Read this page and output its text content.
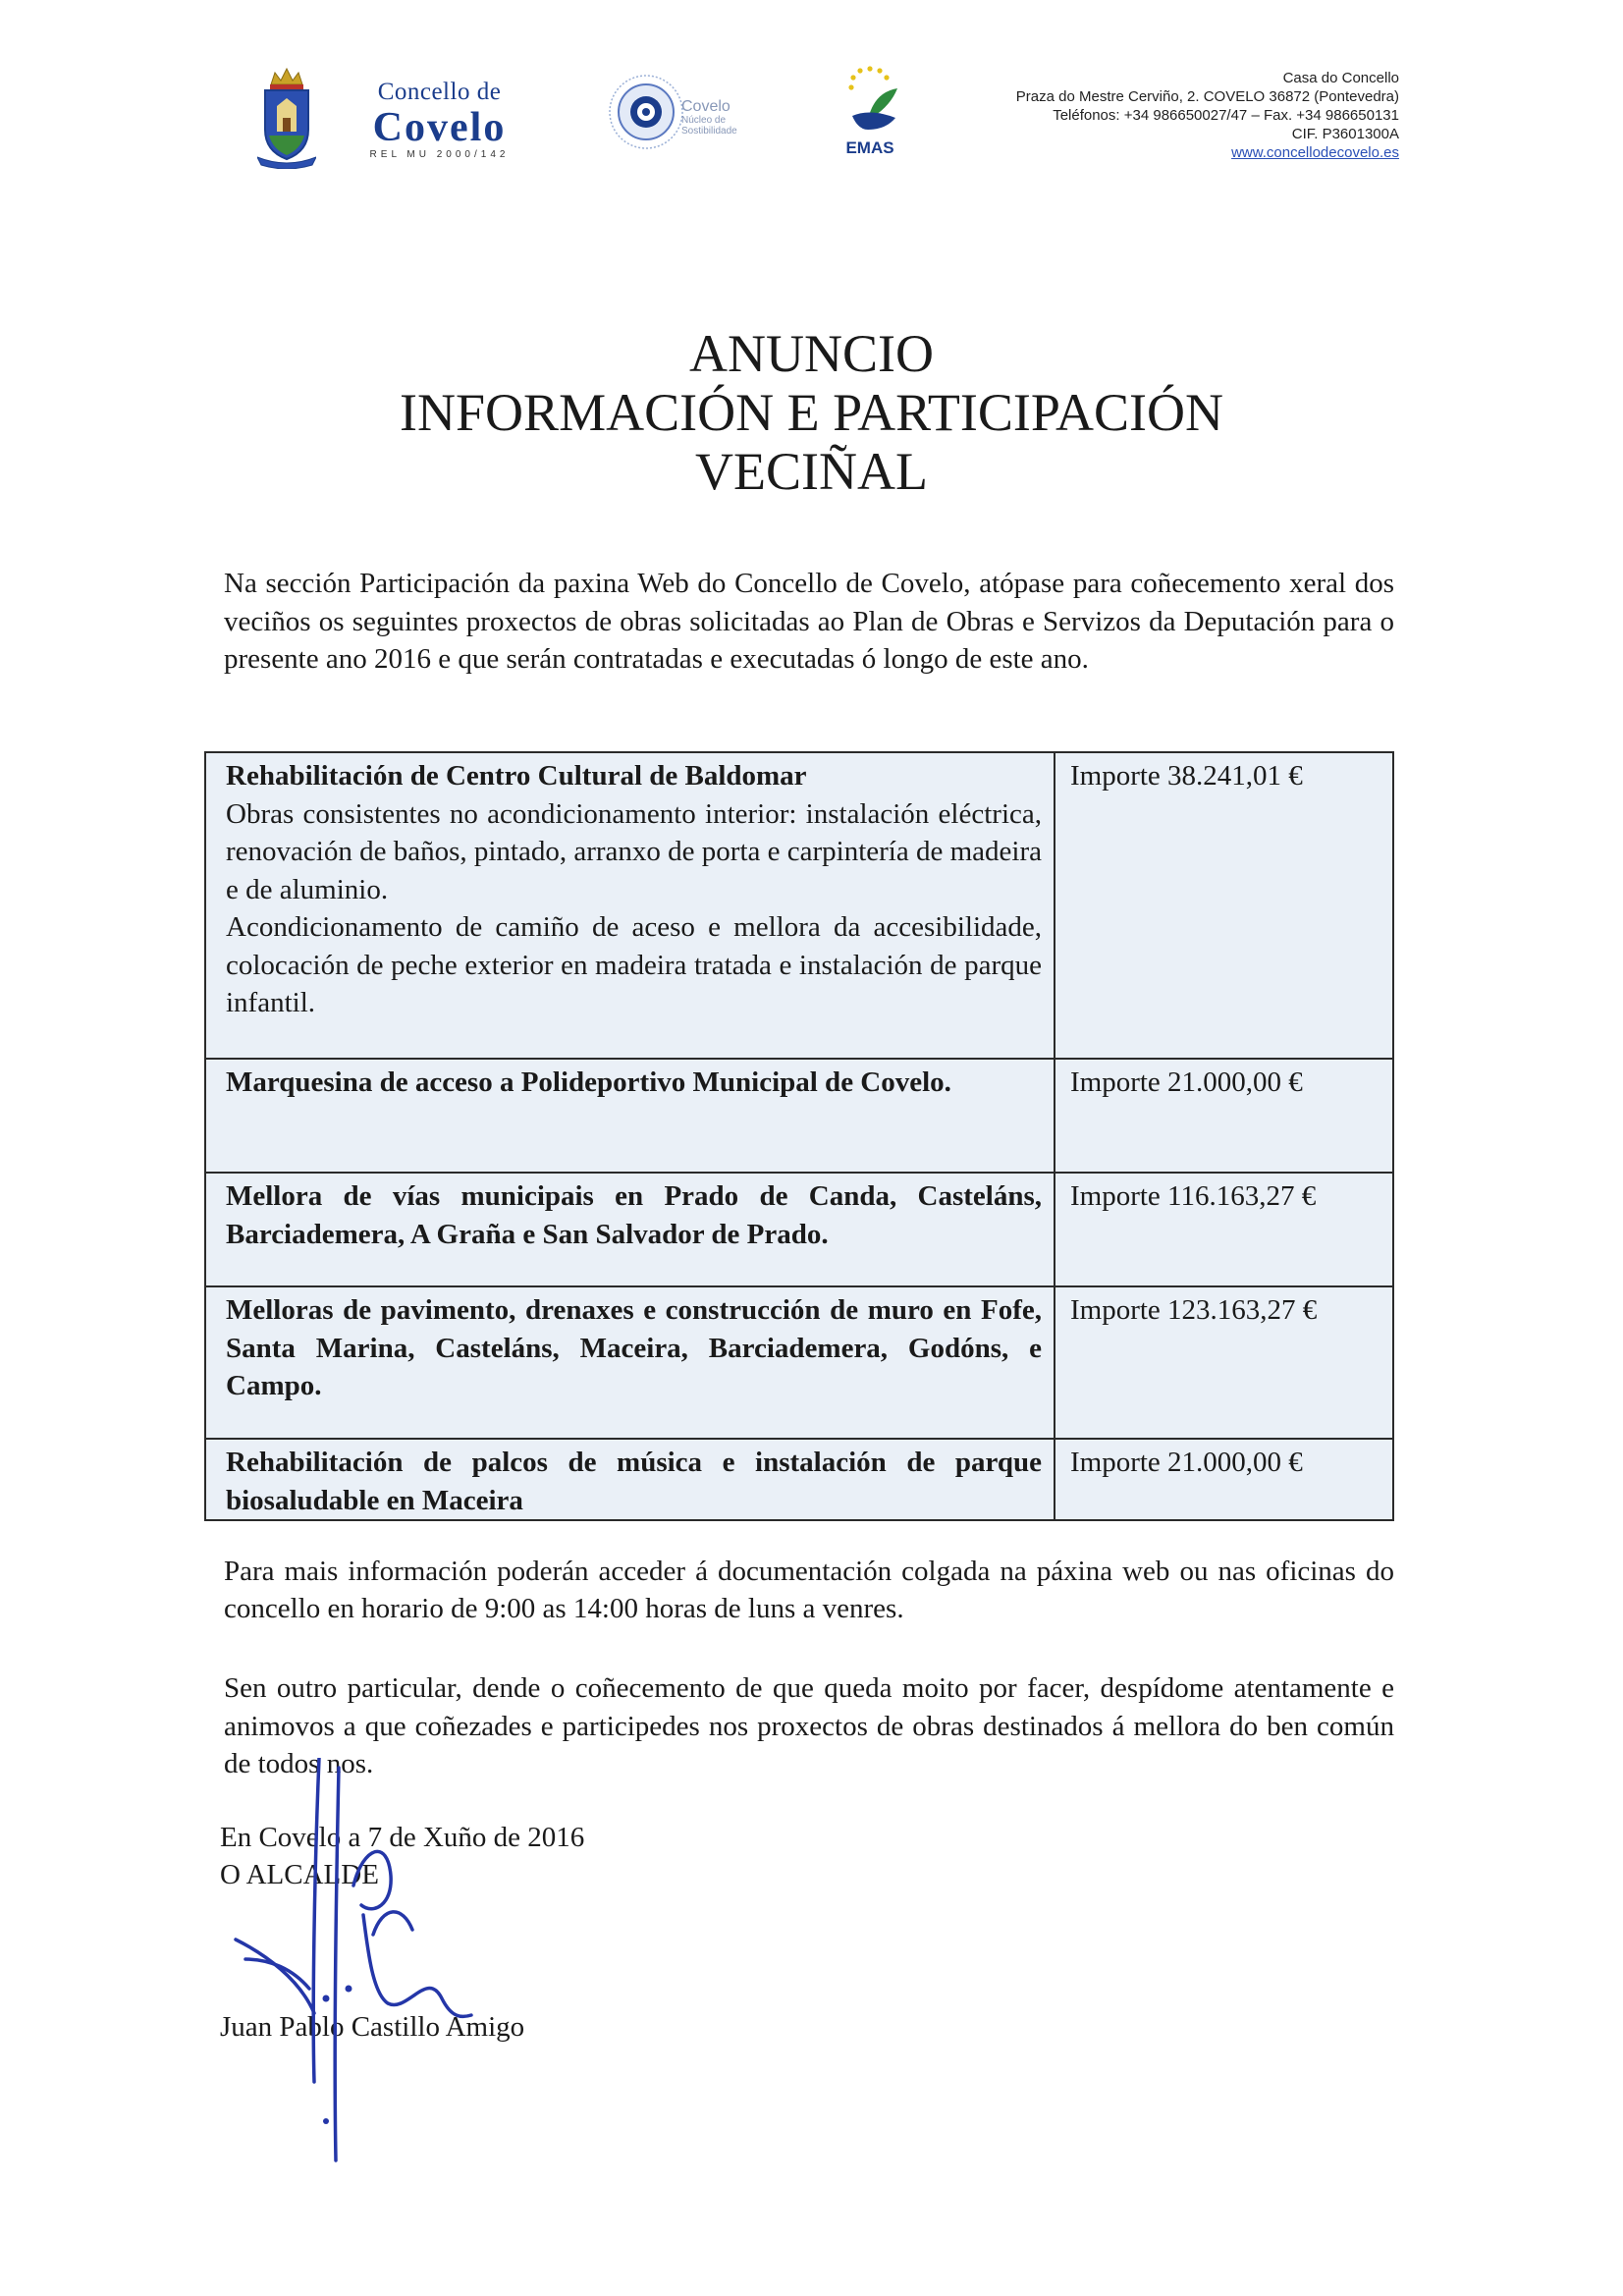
Concello de
Covelo
REL MU 2000/142
Covelo
Núcleo de
Sostibilidade
EMAS
Casa do Concello
Praza do Mestre Cerviño, 2. COVELO 36872 (Pontevedra)
Teléfonos: +34 986650027/47 – Fax. +34 986650131
CIF. P3601300A
www.concellodecovelo.es
ANUNCIO
INFORMACIÓN E PARTICIPACIÓN
VECIÑAL
Na sección Participación da paxina Web do Concello de Covelo, atópase para coñecemento xeral dos veciños os seguintes proxectos de obras solicitadas ao Plan de Obras e Servizos da Deputación para o presente ano 2016 e que serán contratadas e executadas ó longo de este ano.
Rehabilitación de Centro Cultural de Baldomar
Obras consistentes no acondicionamento interior: instalación eléctrica, renovación de baños, pintado, arranxo de porta e carpintería de madeira e de aluminio.
Acondicionamento de camiño de aceso e mellora da accesibilidade, colocación de peche exterior en madeira tratada e instalación de parque infantil.	Importe 38.241,01 €

Marquesina de acceso a Polideportivo Municipal de Covelo.	Importe 21.000,00 €

Mellora de vías municipais en Prado de Canda, Casteláns, Barciademera, A Graña e San Salvador de Prado.	Importe 116.163,27 €

Melloras de pavimento, drenaxes e construcción de muro en Fofe, Santa Marina, Casteláns, Maceira, Barciademera, Godóns, e Campo.	Importe 123.163,27 €

Rehabilitación de palcos de música e instalación de parque biosaludable en Maceira	Importe 21.000,00 €
Para mais información poderán acceder á documentación colgada na páxina web ou nas oficinas do concello en horario de 9:00 as 14:00 horas de luns a venres.
Sen outro particular, dende o coñecemento de que queda moito por facer, despídome atentamente e animovos a que coñezades e participedes nos proxectos de obras destinados á mellora do ben común de todos nos.
En Covelo a 7 de Xuño de 2016
O ALCALDE
Juan Pablo Castillo Amigo
